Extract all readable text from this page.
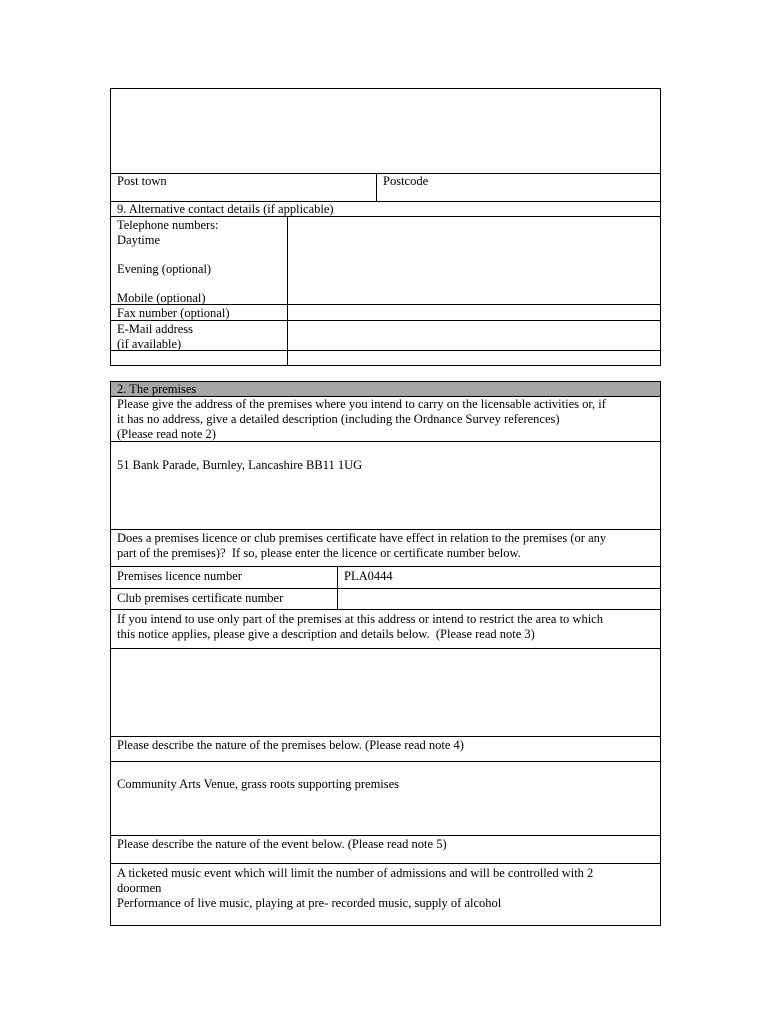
Post town	Postcode
9. Alternative contact details (if applicable)
Telephone numbers:
Daytime
Evening (optional)
Mobile (optional)
Fax number (optional)
E-Mail address
(if available)
2. The premises
Please give the address of the premises where you intend to carry on the licensable activities or, if
it has no address, give a detailed description (including the Ordnance Survey references)
(Please read note 2)
51 Bank Parade, Burnley, Lancashire BB11 1UG
Does a premises licence or club premises certificate have effect in relation to the premises (or any
part of the premises)?  If so, please enter the licence or certificate number below.
Premises licence number	PLA0444
Club premises certificate number
If you intend to use only part of the premises at this address or intend to restrict the area to which
this notice applies, please give a description and details below.  (Please read note 3)
Please describe the nature of the premises below. (Please read note 4)
Community Arts Venue, grass roots supporting premises
Please describe the nature of the event below. (Please read note 5)
A ticketed music event which will limit the number of admissions and will be controlled with 2
doormen
Performance of live music, playing at pre- recorded music, supply of alcohol
